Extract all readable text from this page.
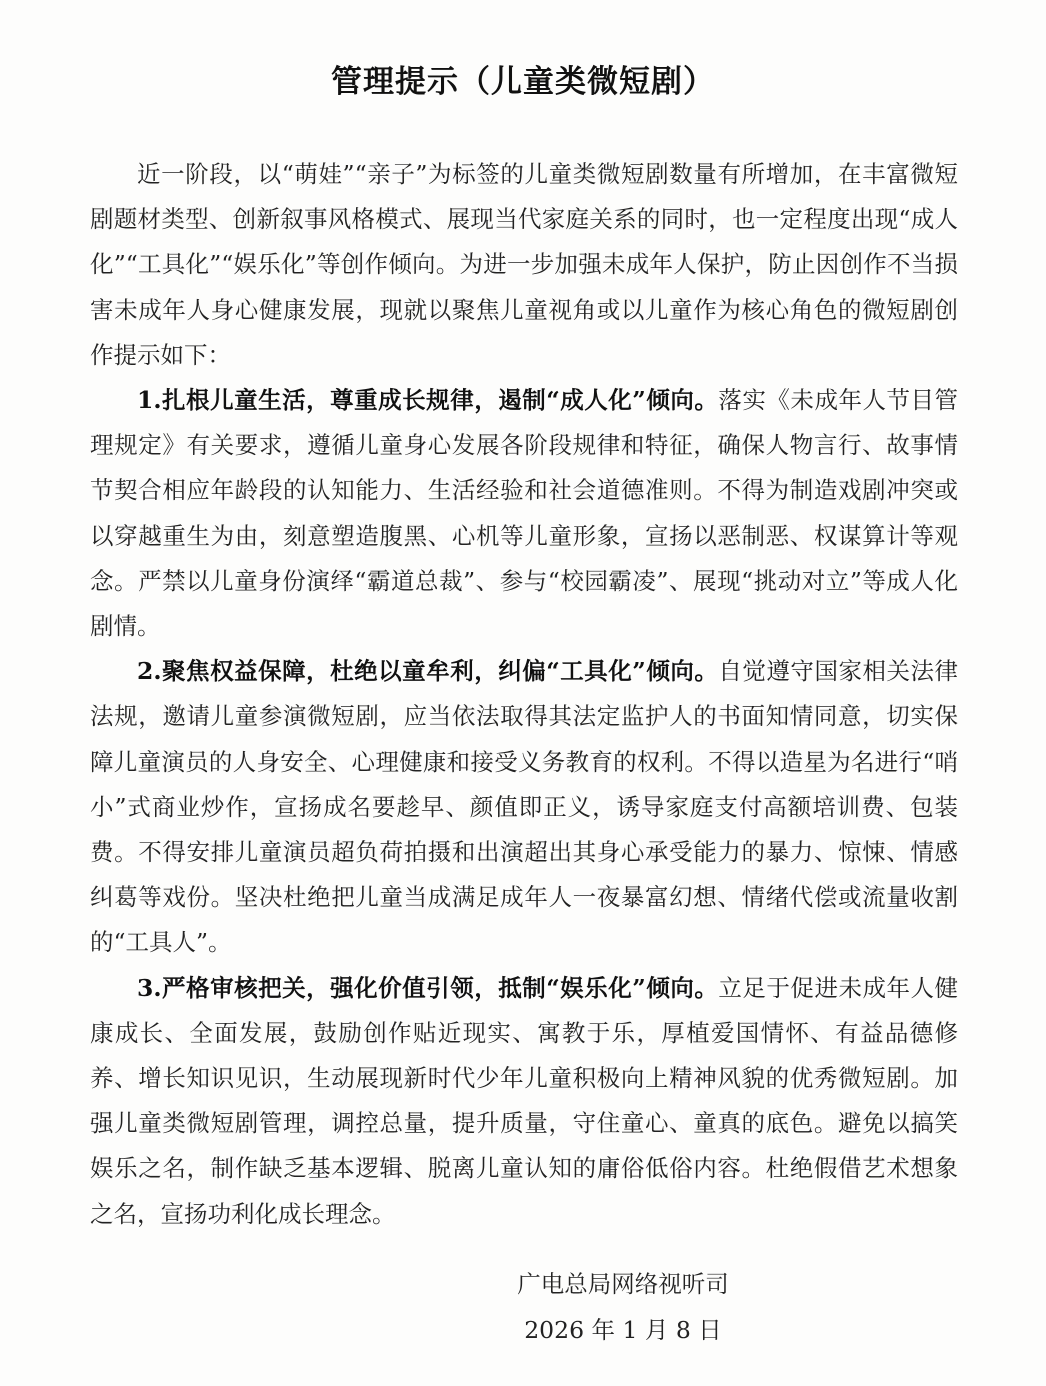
管理提示（儿童类微短剧）

近一阶段，以“萌娃”“亲子”为标签的儿童类微短剧数量有所增加，在丰富微短剧题材类型、创新叙事风格模式、展现当代家庭关系的同时，也一定程度出现“成人化”“工具化”“娱乐化”等创作倾向。为进一步加强未成年人保护，防止因创作不当损害未成年人身心健康发展，现就以聚焦儿童视角或以儿童作为核心角色的微短剧创作提示如下：

1.扎根儿童生活，尊重成长规律，遏制“成人化”倾向。落实《未成年人节目管理规定》有关要求，遵循儿童身心发展各阶段规律和特征，确保人物言行、故事情节契合相应年龄段的认知能力、生活经验和社会道德准则。不得为制造戏剧冲突或以穿越重生为由，刻意塑造腹黑、心机等儿童形象，宣扬以恶制恶、权谋算计等观念。严禁以儿童身份演绎“霸道总裁”、参与“校园霸凌”、展现“挑动对立”等成人化剧情。

2.聚焦权益保障，杜绝以童牟利，纠偏“工具化”倾向。自觉遵守国家相关法律法规，邀请儿童参演微短剧，应当依法取得其法定监护人的书面知情同意，切实保障儿童演员的人身安全、心理健康和接受义务教育的权利。不得以造星为名进行“哨小”式商业炒作，宣扬成名要趁早、颜值即正义，诱导家庭支付高额培训费、包装费。不得安排儿童演员超负荷拍摄和出演超出其身心承受能力的暴力、惊悚、情感纠葛等戏份。坚决杜绝把儿童当成满足成年人一夜暴富幻想、情绪代偿或流量收割的“工具人”。

3.严格审核把关，强化价值引领，抵制“娱乐化”倾向。立足于促进未成年人健康成长、全面发展，鼓励创作贴近现实、寓教于乐，厚植爱国情怀、有益品德修养、增长知识见识，生动展现新时代少年儿童积极向上精神风貌的优秀微短剧。加强儿童类微短剧管理，调控总量，提升质量，守住童心、童真的底色。避免以搞笑娱乐之名，制作缺乏基本逻辑、脱离儿童认知的庸俗低俗内容。杜绝假借艺术想象之名，宣扬功利化成长理念。

广电总局网络视听司
2026 年 1 月 8 日
